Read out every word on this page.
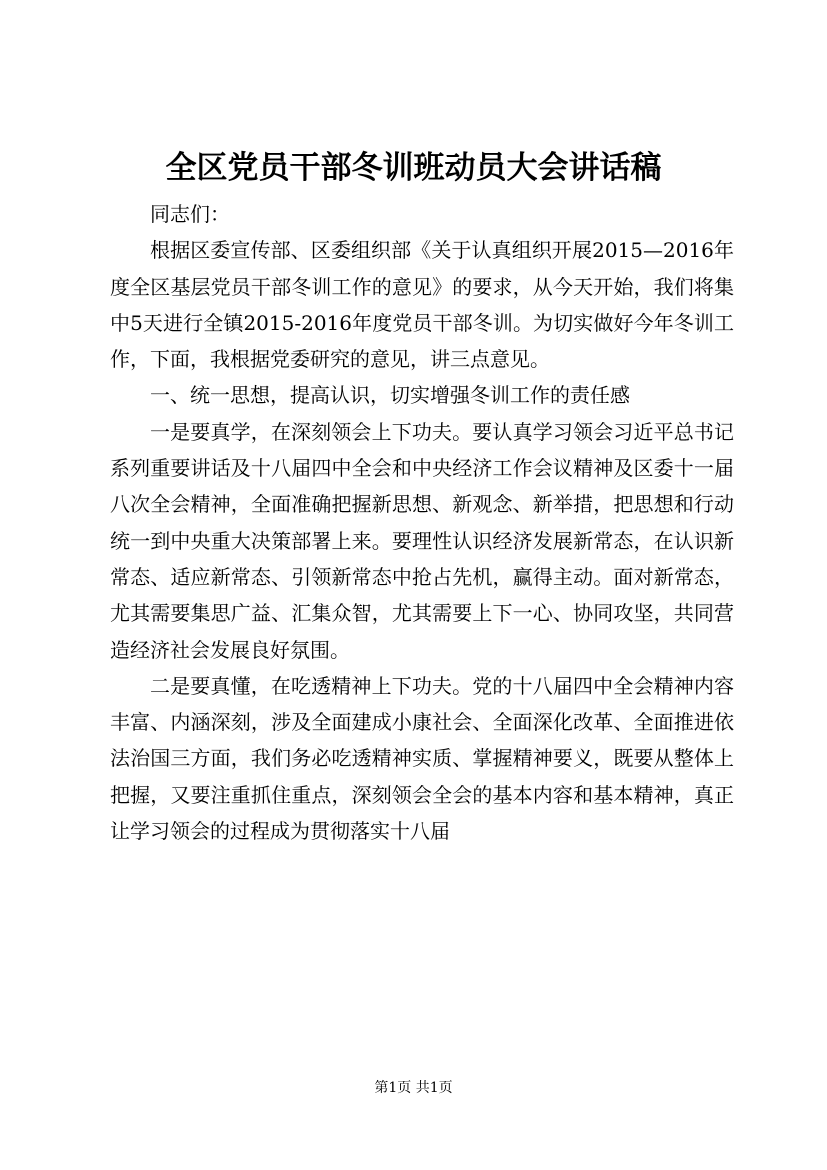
全区党员干部冬训班动员大会讲话稿

同志们：

根据区委宣传部、区委组织部《关于认真组织开展2015—2016年度全区基层党员干部冬训工作的意见》的要求，从今天开始，我们将集中5天进行全镇2015-2016年度党员干部冬训。为切实做好今年冬训工作，下面，我根据党委研究的意见，讲三点意见。

一、统一思想，提高认识，切实增强冬训工作的责任感

一是要真学，在深刻领会上下功夫。要认真学习领会习近平总书记系列重要讲话及十八届四中全会和中央经济工作会议精神及区委十一届八次全会精神，全面准确把握新思想、新观念、新举措，把思想和行动统一到中央重大决策部署上来。要理性认识经济发展新常态，在认识新常态、适应新常态、引领新常态中抢占先机，赢得主动。面对新常态，尤其需要集思广益、汇集众智，尤其需要上下一心、协同攻坚，共同营造经济社会发展良好氛围。

二是要真懂，在吃透精神上下功夫。党的十八届四中全会精神内容丰富、内涵深刻，涉及全面建成小康社会、全面深化改革、全面推进依法治国三方面，我们务必吃透精神实质、掌握精神要义，既要从整体上把握，又要注重抓住重点，深刻领会全会的基本内容和基本精神，真正让学习领会的过程成为贯彻落实十八届

第1页 共1页
